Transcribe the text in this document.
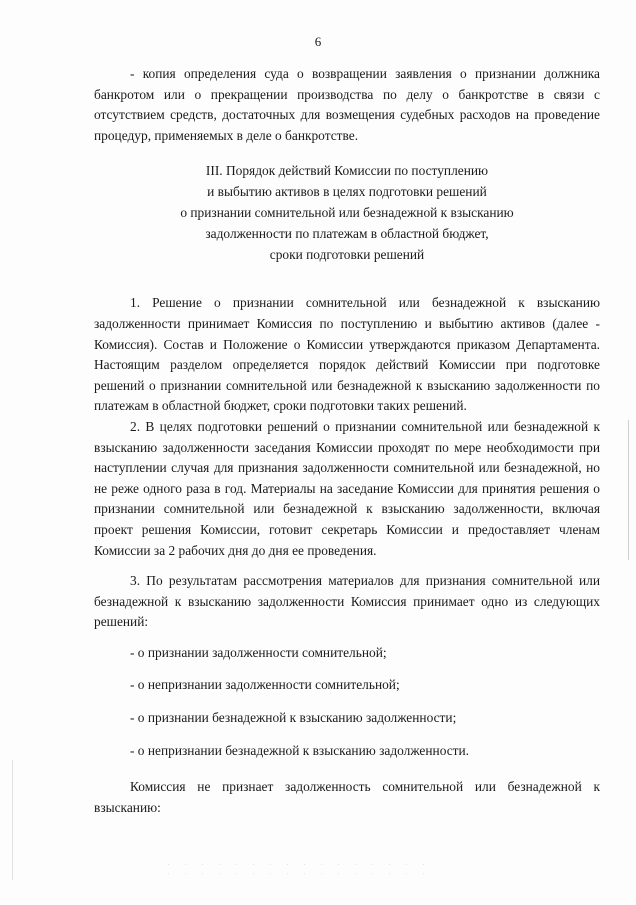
6

- копия определения суда о возвращении заявления о признании должника банкротом или о прекращении производства по делу о банкротстве в связи с отсутствием средств, достаточных для возмещения судебных расходов на проведение процедур, применяемых в деле о банкротстве.

III. Порядок действий Комиссии по поступлению
и выбытию активов в целях подготовки решений
о признании сомнительной или безнадежной к взысканию
задолженности по платежам в областной бюджет,
сроки подготовки решений

1. Решение о признании сомнительной или безнадежной к взысканию задолженности принимает Комиссия по поступлению и выбытию активов (далее - Комиссия). Состав и Положение о Комиссии утверждаются приказом Департамента. Настоящим разделом определяется порядок действий Комиссии при подготовке решений о признании сомнительной или безнадежной к взысканию задолженности по платежам в областной бюджет, сроки подготовки таких решений.

2. В целях подготовки решений о признании сомнительной или безнадежной к взысканию задолженности заседания Комиссии проходят по мере необходимости при наступлении случая для признания задолженности сомнительной или безнадежной, но не реже одного раза в год. Материалы на заседание Комиссии для принятия решения о признании сомнительной или безнадежной к взысканию задолженности, включая проект решения Комиссии, готовит секретарь Комиссии и предоставляет членам Комиссии за 2 рабочих дня до дня ее проведения.

3. По результатам рассмотрения материалов для признания сомнительной или безнадежной к взысканию задолженности Комиссия принимает одно из следующих решений:

- о признании задолженности сомнительной;
- о непризнании задолженности сомнительной;
- о признании безнадежной к взысканию задолженности;
- о непризнании безнадежной к взысканию задолженности.

Комиссия не признает задолженность сомнительной или безнадежной к взысканию:
